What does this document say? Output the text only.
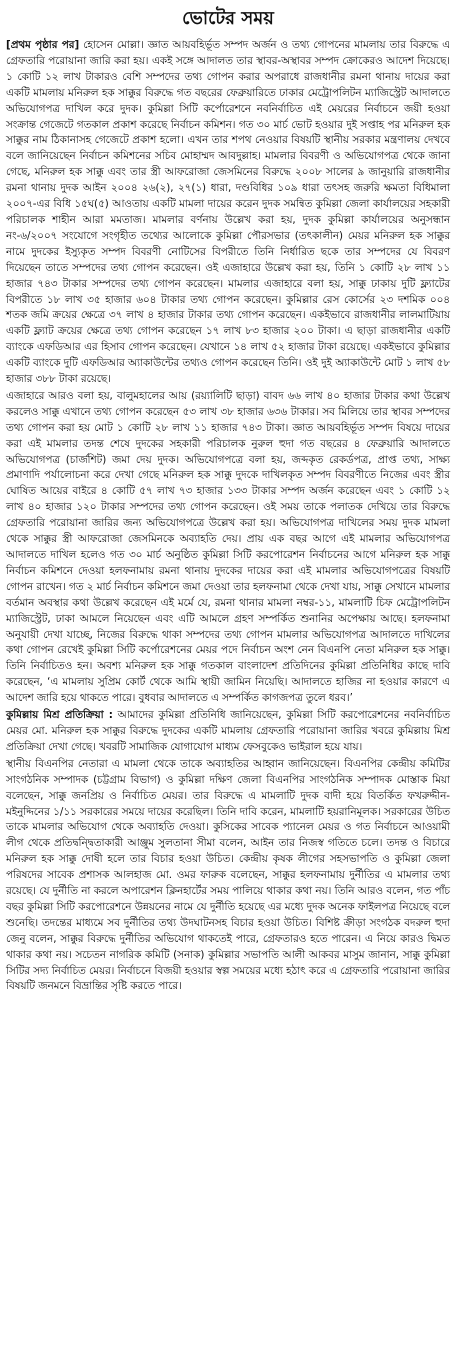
ভোটের সময়

[প্রথম পৃষ্ঠার পর] হোসেন মোল্লা। জ্ঞাত আয়বহির্ভূত সম্পদ অর্জন ও তথ্য গোপনের মামলায় তার বিরুদ্ধে এ গ্রেফতারি পরোয়ানা জারি করা হয়। একই সঙ্গে আদালত তার স্থাবর-অস্থাবর সম্পদ ক্রোকেরও আদেশ দিয়েছে। ১ কোটি ১২ লাখ টাকারও বেশি সম্পদের তথ্য গোপন করার অপরাধে রাজধানীর রমনা থানায় দায়ের করা একটি মামলায় মনিরুল হক সাক্কুর বিরুদ্ধে গত বছরের ফেব্রুয়ারিতে ঢাকার মেট্রোপলিটন ম্যাজিস্ট্রেট আদালতে অভিযোগপত্র দাখিল করে দুদক। কুমিল্লা সিটি কর্পোরেশনে নবনির্বাচিত এই মেয়রের নির্বাচনে জয়ী হওয়া সংক্রান্ত গেজেটে গতকাল প্রকাশ করেছে নির্বাচন কমিশন। গত ৩০ মার্চ ভোট হওয়ার দুই সপ্তাহ পর মনিরুল হক সাক্কুর নাম ঠিকানাসহ গেজেটে প্রকাশ হলো। এখন তার শপথ নেওয়ার বিষয়টি স্থানীয় সরকার মন্ত্রণালয় দেখবে বলে জানিয়েছেন নির্বাচন কমিশনের সচিব মোহাম্মদ আবদুল্লাহ। মামলার বিবরণী ও অভিযোগপত্র থেকে জানা গেছে, মনিরুল হক সাক্কু এবং তার স্ত্রী আফরোজা জেসমিনের বিরুদ্ধে ২০০৮ সালের ৯ জানুয়ারি রাজধানীর রমনা থানায় দুদক আইন ২০০৪ ২৬(২), ২৭(১) ধারা, দণ্ডবিধির ১০৯ ধারা তৎসহ জরুরি ক্ষমতা বিধিমালা ২০০৭-এর বিধি ১৫ঘ(৫) আওতায় একটি মামলা দায়ের করেন দুদক সমন্বিত কুমিল্লা জেলা কার্যালয়ের সহকারী পরিচালক শাহীন আরা মমতাজ। মামলার বর্ণনায় উল্লেখ করা হয়, দুদক কুমিল্লা কার্যালয়ের অনুসন্ধান নং-৬/২০০৭ সংযোগে সংগৃহীত তথ্যের আলোকে কুমিল্লা পৌরসভার (তৎকালীন) মেয়র মনিরুল হক সাক্কুর নামে দুদকের ইস্যুকৃত সম্পদ বিবরণী নোটিসের বিপরীতে তিনি নির্ধারিত ছকে তার সম্পদের যে বিবরণ দিয়েছেন তাতে সম্পদের তথ্য গোপন করেছেন। ওই এজাহারে উল্লেখ করা হয়, তিনি ১ কোটি ২৮ লাখ ১১ হাজার ৭৪৩ টাকার সম্পদের তথ্য গোপন করেছেন। মামলার এজাহারে বলা হয়, সাক্কু ঢাকায় দুটি ফ্ল্যাটের বিপরীতে ১৮ লাখ ৩৫ হাজার ৬০৪ টাকার তথ্য গোপন করেছেন। কুমিল্লার রেস কোর্সের ২৩ দশমিক ০০৪ শতক জমি ক্রয়ের ক্ষেত্রে ৩৭ লাখ ৪ হাজার টাকার তথ্য গোপন করেছেন। একইভাবে রাজধানীর লালমাটিয়ায় একটি ফ্ল্যাট ক্রয়ের ক্ষেত্রে তথ্য গোপন করেছেন ১৭ লাখ ৮৩ হাজার ২০০ টাকা। এ ছাড়া রাজধানীর একটি ব্যাংকে এফডিআর এর হিসাব গোপন করেছেন। যেখানে ১৪ লাখ ৫২ হাজার টাকা রয়েছে। একইভাবে কুমিল্লার একটি ব্যাংকে দুটি এফডিআর অ্যাকাউন্টের তথ্যও গোপন করেছেন তিনি। ওই দুই অ্যাকাউন্টে মোট ১ লাখ ৫৮ হাজার ৩৮৮ টাকা রয়েছে।

এজাহারে আরও বলা হয়, বালুমহালের আয় (রয়্যালিটি ছাড়া) বাবদ ৬৬ লাখ ৪০ হাজার টাকার কথা উল্লেখ করলেও সাক্কু এখানে তথ্য গোপন করেছেন ৫৩ লাখ ৩৮ হাজার ৬৩৬ টাকার। সব মিলিয়ে তার স্থাবর সম্পদের তথ্য গোপন করা হয় মোট ১ কোটি ২৮ লাখ ১১ হাজার ৭৪৩ টাকা। জ্ঞাত আয়বহির্ভূত সম্পদ বিষয়ে দায়ের করা এই মামলার তদন্ত শেষে দুদকের সহকারী পরিচালক নুরুল হুদা গত বছরের ৪ ফেব্রুয়ারি আদালতে অভিযোগপত্র (চার্জশিট) জমা দেয় দুদক। অভিযোগপত্রে বলা হয়, জব্দকৃত রেকর্ডপত্র, প্রাপ্ত তথ্য, সাক্ষ্য প্রমাণাদি পর্যালোচনা করে দেখা গেছে মনিরুল হক সাক্কু দুদকে দাখিলকৃত সম্পদ বিবরণীতে নিজের এবং স্ত্রীর ঘোষিত আয়ের বাইরে ৪ কোটি ৫৭ লাখ ৭৩ হাজার ১৩৩ টাকার সম্পদ অর্জন করেছেন এবং ১ কোটি ১২ লাখ ৪০ হাজার ১২০ টাকার সম্পদের তথ্য গোপন করেছেন। ওই সময় তাকে পলাতক দেখিয়ে তার বিরুদ্ধে গ্রেফতারি পরোয়ানা জারির জন্য অভিযোগপত্রে উল্লেখ করা হয়। অভিযোগপত্র দাখিলের সময় দুদক মামলা থেকে সাক্কুর স্ত্রী আফরোজা জেসমিনকে অব্যাহতি দেয়। প্রায় এক বছর আগে এই মামলার অভিযোগপত্র আদালতে দাখিল হলেও গত ৩০ মার্চ অনুষ্ঠিত কুমিল্লা সিটি করপোরেশন নির্বাচনের আগে মনিরুল হক সাক্কু নির্বাচন কমিশনে দেওয়া হলফনামায় রমনা থানায় দুদকের দায়ের করা এই মামলার অভিযোগপত্রের বিষয়টি গোপন রাখেন। গত ২ মার্চ নির্বাচন কমিশনে জমা দেওয়া তার হলফনামা থেকে দেখা যায়, সাক্কু সেখানে মামলার বর্তমান অবস্থার কথা উল্লেখ করেছেন এই মর্মে যে, রমনা থানার মামলা নম্বর-১১, মামলাটি চিফ মেট্রোপলিটন ম্যাজিস্ট্রেট, ঢাকা আমলে নিয়েছেন এবং এটি আমলে গ্রহণ সম্পর্কিত শুনানির অপেক্ষায় আছে। হলফনামা অনুযায়ী দেখা যাচ্ছে, নিজের বিরুদ্ধে থাকা সম্পদের তথ্য গোপন মামলার অভিযোগপত্র আদালতে দাখিলের কথা গোপন রেখেই কুমিল্লা সিটি কর্পোরেশনের মেয়র পদে নির্বাচন অংশ নেন বিএনপি নেতা মনিরুল হক সাক্কু। তিনি নির্বাচিতও হন। অবশ্য মনিরুল হক সাক্কু গতকাল বাংলাদেশ প্রতিদিনের কুমিল্লা প্রতিনিধির কাছে দাবি করেছেন, ‘এ মামলায় সুপ্রিম কোর্ট থেকে আমি স্থায়ী জামিন নিয়েছি। আদালতে হাজির না হওয়ার কারণে এ আদেশ জারি হয়ে থাকতে পারে। বুধবার আদালতে এ সম্পর্কিত কাগজপত্র তুলে ধরব।’

কুমিল্লায় মিশ্র প্রতিক্রিয়া : আমাদের কুমিল্লা প্রতিনিধি জানিয়েছেন, কুমিল্লা সিটি করপোরেশনের নবনির্বাচিত মেয়র মো. মনিরুল হক সাক্কুর বিরুদ্ধে দুদকের একটি মামলায় গ্রেফতারি পরোয়ানা জারির খবরে কুমিল্লায় মিশ্র প্রতিক্রিয়া দেখা গেছে। খবরটি সামাজিক যোগাযোগ মাধ্যম ফেসবুকেও ভাইরাল হয়ে যায়।

স্থানীয় বিএনপির নেতারা এ মামলা থেকে তাকে অব্যাহতির আহ্বান জানিয়েছেন। বিএনপির কেন্দ্রীয় কমিটির সাংগঠনিক সম্পাদক (চট্টগ্রাম বিভাগ) ও কুমিল্লা দক্ষিণ জেলা বিএনপির সাংগঠনিক সম্পাদক মোস্তাক মিয়া বলেছেন, সাক্কু জনপ্রিয় ও নির্বাচিত মেয়র। তার বিরুদ্ধে এ মামলাটি দুদক বাদী হয়ে বিতর্কিত ফখরুদ্দীন-মইনুদ্দিনের ১/১১ সরকারের সময়ে দায়ের করেছিল। তিনি দাবি করেন, মামলাটি হয়রানিমূলক। সরকারের উচিত তাকে মামলার অভিযোগ থেকে অব্যাহতি দেওয়া। কুসিকের সাবেক প্যানেল মেয়র ও গত নির্বাচনে আওয়ামী লীগ থেকে প্রতিদ্বন্দ্বিতাকারী আঞ্জুম সুলতানা সীমা বলেন, আইন তার নিজস্ব গতিতে চলে। তদন্ত ও বিচারে মনিরুল হক সাক্কু দোষী হলে তার বিচার হওয়া উচিত। কেন্দ্রীয় কৃষক লীগের সহসভাপতি ও কুমিল্লা জেলা পরিষদের সাবেক প্রশাসক আলহাজ মো. ওমর ফারুক বলেছেন, সাক্কুর হলফনামায় দুর্নীতির এ মামলার তথ্য রয়েছে। যে দুর্নীতি না করলে অপারেশন ক্লিনহার্টের সময় পালিয়ে থাকার কথা নয়। তিনি আরও বলেন, গত পাঁচ বছর কুমিল্লা সিটি করপোরেশনে উন্নয়নের নামে যে দুর্নীতি হয়েছে এর মধ্যে দুদক অনেক ফাইলপত্র নিয়েছে বলে শুনেছি। তদন্তের মাধ্যমে সব দুর্নীতির তথ্য উদঘাটনসহ বিচার হওয়া উচিত। বিশিষ্ট ক্রীড়া সংগঠক বদরুল হুদা জেনু বলেন, সাক্কুর বিরুদ্ধে দুর্নীতির অভিযোগ থাকতেই পারে, গ্রেফতারও হতে পারেন। এ নিয়ে কারও দ্বিমত থাকার কথা নয়। সচেতন নাগরিক কমিটি (সনাক) কুমিল্লার সভাপতি আলী আকবর মাসুম জানান, সাক্কু কুমিল্লা সিটির সদ্য নির্বাচিত মেয়র। নির্বাচনে বিজয়ী হওয়ার স্বল্প সময়ের মধ্যে হঠাৎ করে এ গ্রেফতারি পরোয়ানা জারির বিষয়টি জনমনে বিভ্রান্তির সৃষ্টি করতে পারে।
